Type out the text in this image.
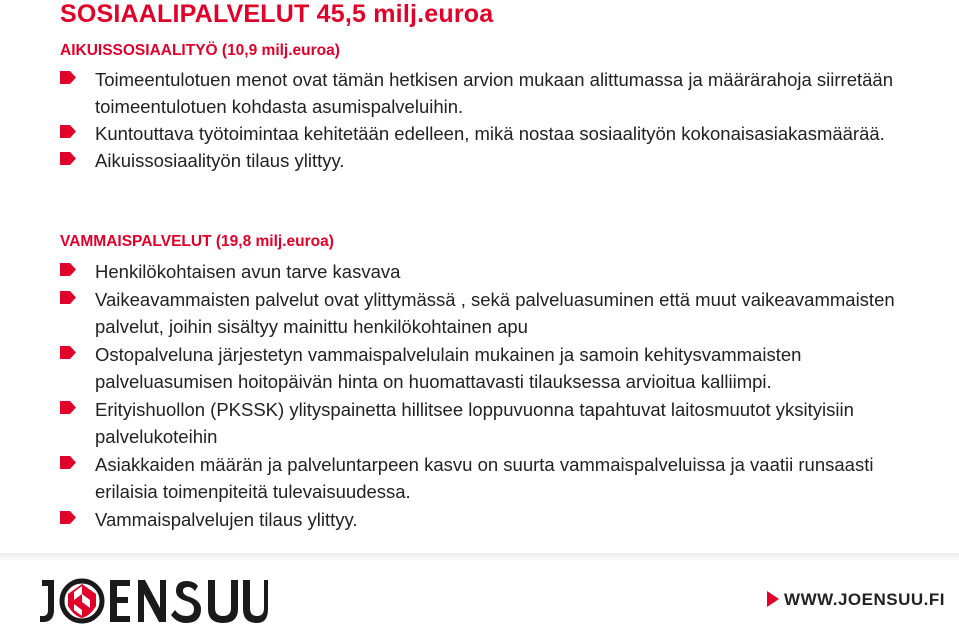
SOSIAALIPALVELUT 45,5 milj.euroa
AIKUISSOSIAALITYÖ (10,9 milj.euroa)
Toimeentulotuen menot ovat tämän hetkisen arvion mukaan alittumassa ja määrärahoja siirretään toimeentulotuen kohdasta asumispalveluihin.
Kuntouttava työtoimintaa kehitetään edelleen, mikä nostaa sosiaalityön kokonaisasiakasmäärää.
Aikuissosiaalityön tilaus ylittyy.
VAMMAISPALVELUT (19,8 milj.euroa)
Henkilökohtaisen avun tarve kasvava
Vaikeavammaisten palvelut ovat ylittymässä , sekä palveluasuminen että muut vaikeavammaisten palvelut, joihin sisältyy mainittu henkilökohtainen apu
Ostopalveluna järjestetyn vammaispalvelulain mukainen ja samoin kehitysvammaisten palveluasumisen hoitopäivän hinta on huomattavasti tilauksessa arvioitua kalliimpi.
Erityishuollon (PKSSK) ylityspainetta hillitsee loppuvuonna tapahtuvat laitosmuutot yksityisiin palvelukoteihin
Asiakkaiden määrän ja palveluntarpeen kasvu on suurta vammaispalveluissa ja vaatii runsaasti erilaisia toimenpiteitä tulevaisuudessa.
Vammaispalvelujen tilaus ylittyy.
WWW.JOENSUU.FI
